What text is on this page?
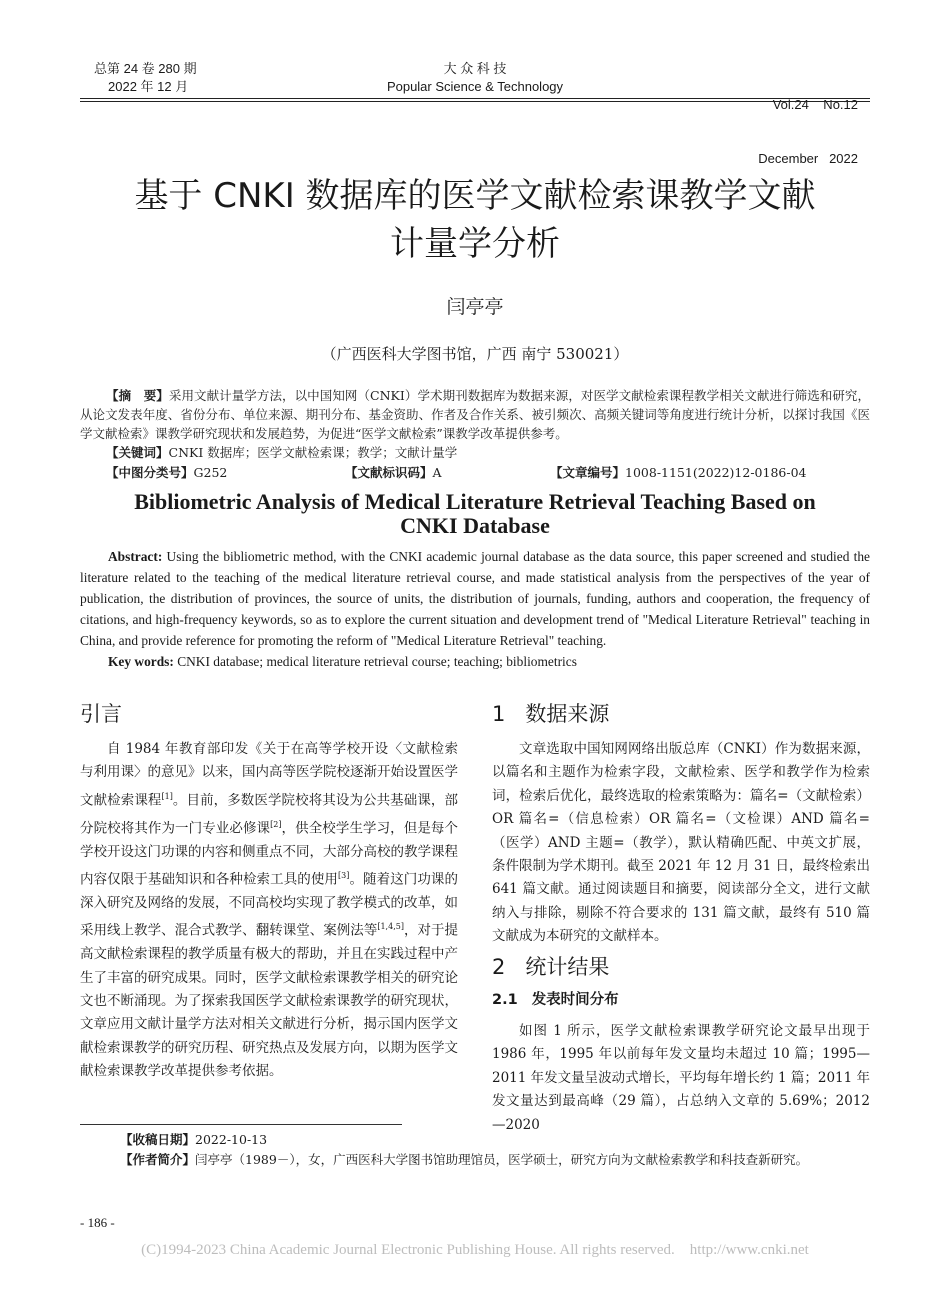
总第 24 卷 280 期
2022 年 12 月
大 众 科 技
Popular Science & Technology

Vol.24    No.12

December   2022

基于 CNKI 数据库的医学文献检索课教学文献
计量学分析
闫亭亭
（广西医科大学图书馆，广西 南宁 530021）
【摘　要】采用文献计量学方法，以中国知网（CNKI）学术期刊数据库为数据来源，对医学文献检索课程教学相关文献进行筛选和研究，从论文发表年度、省份分布、单位来源、期刊分布、基金资助、作者及合作关系、被引频次、高频关键词等角度进行统计分析，以探讨我国《医学文献检索》课教学研究现状和发展趋势，为促进“医学文献检索”课教学改革提供参考。
【关键词】CNKI 数据库；医学文献检索课；教学；文献计量学
【中图分类号】G252	【文献标识码】A	【文章编号】1008-1151(2022)12-0186-04
Bibliometric Analysis of Medical Literature Retrieval Teaching Based on
CNKI Database
Abstract: Using the bibliometric method, with the CNKI academic journal database as the data source, this paper screened and studied the literature related to the teaching of the medical literature retrieval course, and made statistical analysis from the perspectives of the year of publication, the distribution of provinces, the source of units, the distribution of journals, funding, authors and cooperation, the frequency of citations, and high-frequency keywords, so as to explore the current situation and development trend of "Medical Literature Retrieval" teaching in China, and provide reference for promoting the reform of "Medical Literature Retrieval" teaching.
Key words: CNKI database; medical literature retrieval course; teaching; bibliometrics
引言

自 1984 年教育部印发《关于在高等学校开设〈文献检索与利用课〉的意见》以来，国内高等医学院校逐渐开始设置医学文献检索课程[1]。目前，多数医学院校将其设为公共基础课，部分院校将其作为一门专业必修课[2]，供全校学生学习，但是每个学校开设这门功课的内容和侧重点不同，大部分高校的教学课程内容仅限于基础知识和各种检索工具的使用[3]。随着这门功课的深入研究及网络的发展，不同高校均实现了教学模式的改革，如采用线上教学、混合式教学、翻转课堂、案例法等[1,4,5]，对于提高文献检索课程的教学质量有极大的帮助，并且在实践过程中产生了丰富的研究成果。同时，医学文献检索课教学相关的研究论文也不断涌现。为了探索我国医学文献检索课教学的研究现状，文章应用文献计量学方法对相关文献进行分析，揭示国内医学文献检索课教学的研究历程、研究热点及发展方向，以期为医学文献检索课教学改革提供参考依据。

1 数据来源
文章选取中国知网网络出版总库（CNKI）作为数据来源，以篇名和主题作为检索字段，文献检索、医学和教学作为检索词，检索后优化，最终选取的检索策略为：篇名=（文献检索）OR 篇名=（信息检索）OR 篇名=（文检课）AND 篇名=（医学）AND 主题=（教学），默认精确匹配、中英文扩展，条件限制为学术期刊。截至 2021 年 12 月 31 日，最终检索出 641 篇文献。通过阅读题目和摘要，阅读部分全文，进行文献纳入与排除，剔除不符合要求的 131 篇文献，最终有 510 篇文献成为本研究的文献样本。
2 统计结果
2.1 发表时间分布
如图 1 所示，医学文献检索课教学研究论文最早出现于 1986 年，1995 年以前每年发文量均未超过 10 篇；1995—2011 年发文量呈波动式增长，平均每年增长约 1 篇；2011 年发文量达到最高峰（29 篇），占总纳入文章的 5.69%；2012—2020
【收稿日期】2022-10-13
【作者简介】闫亭亭（1989－），女，广西医科大学图书馆助理馆员，医学硕士，研究方向为文献检索教学和科技查新研究。
- 186 -
(C)1994-2023 China Academic Journal Electronic Publishing House. All rights reserved.    http://www.cnki.net
